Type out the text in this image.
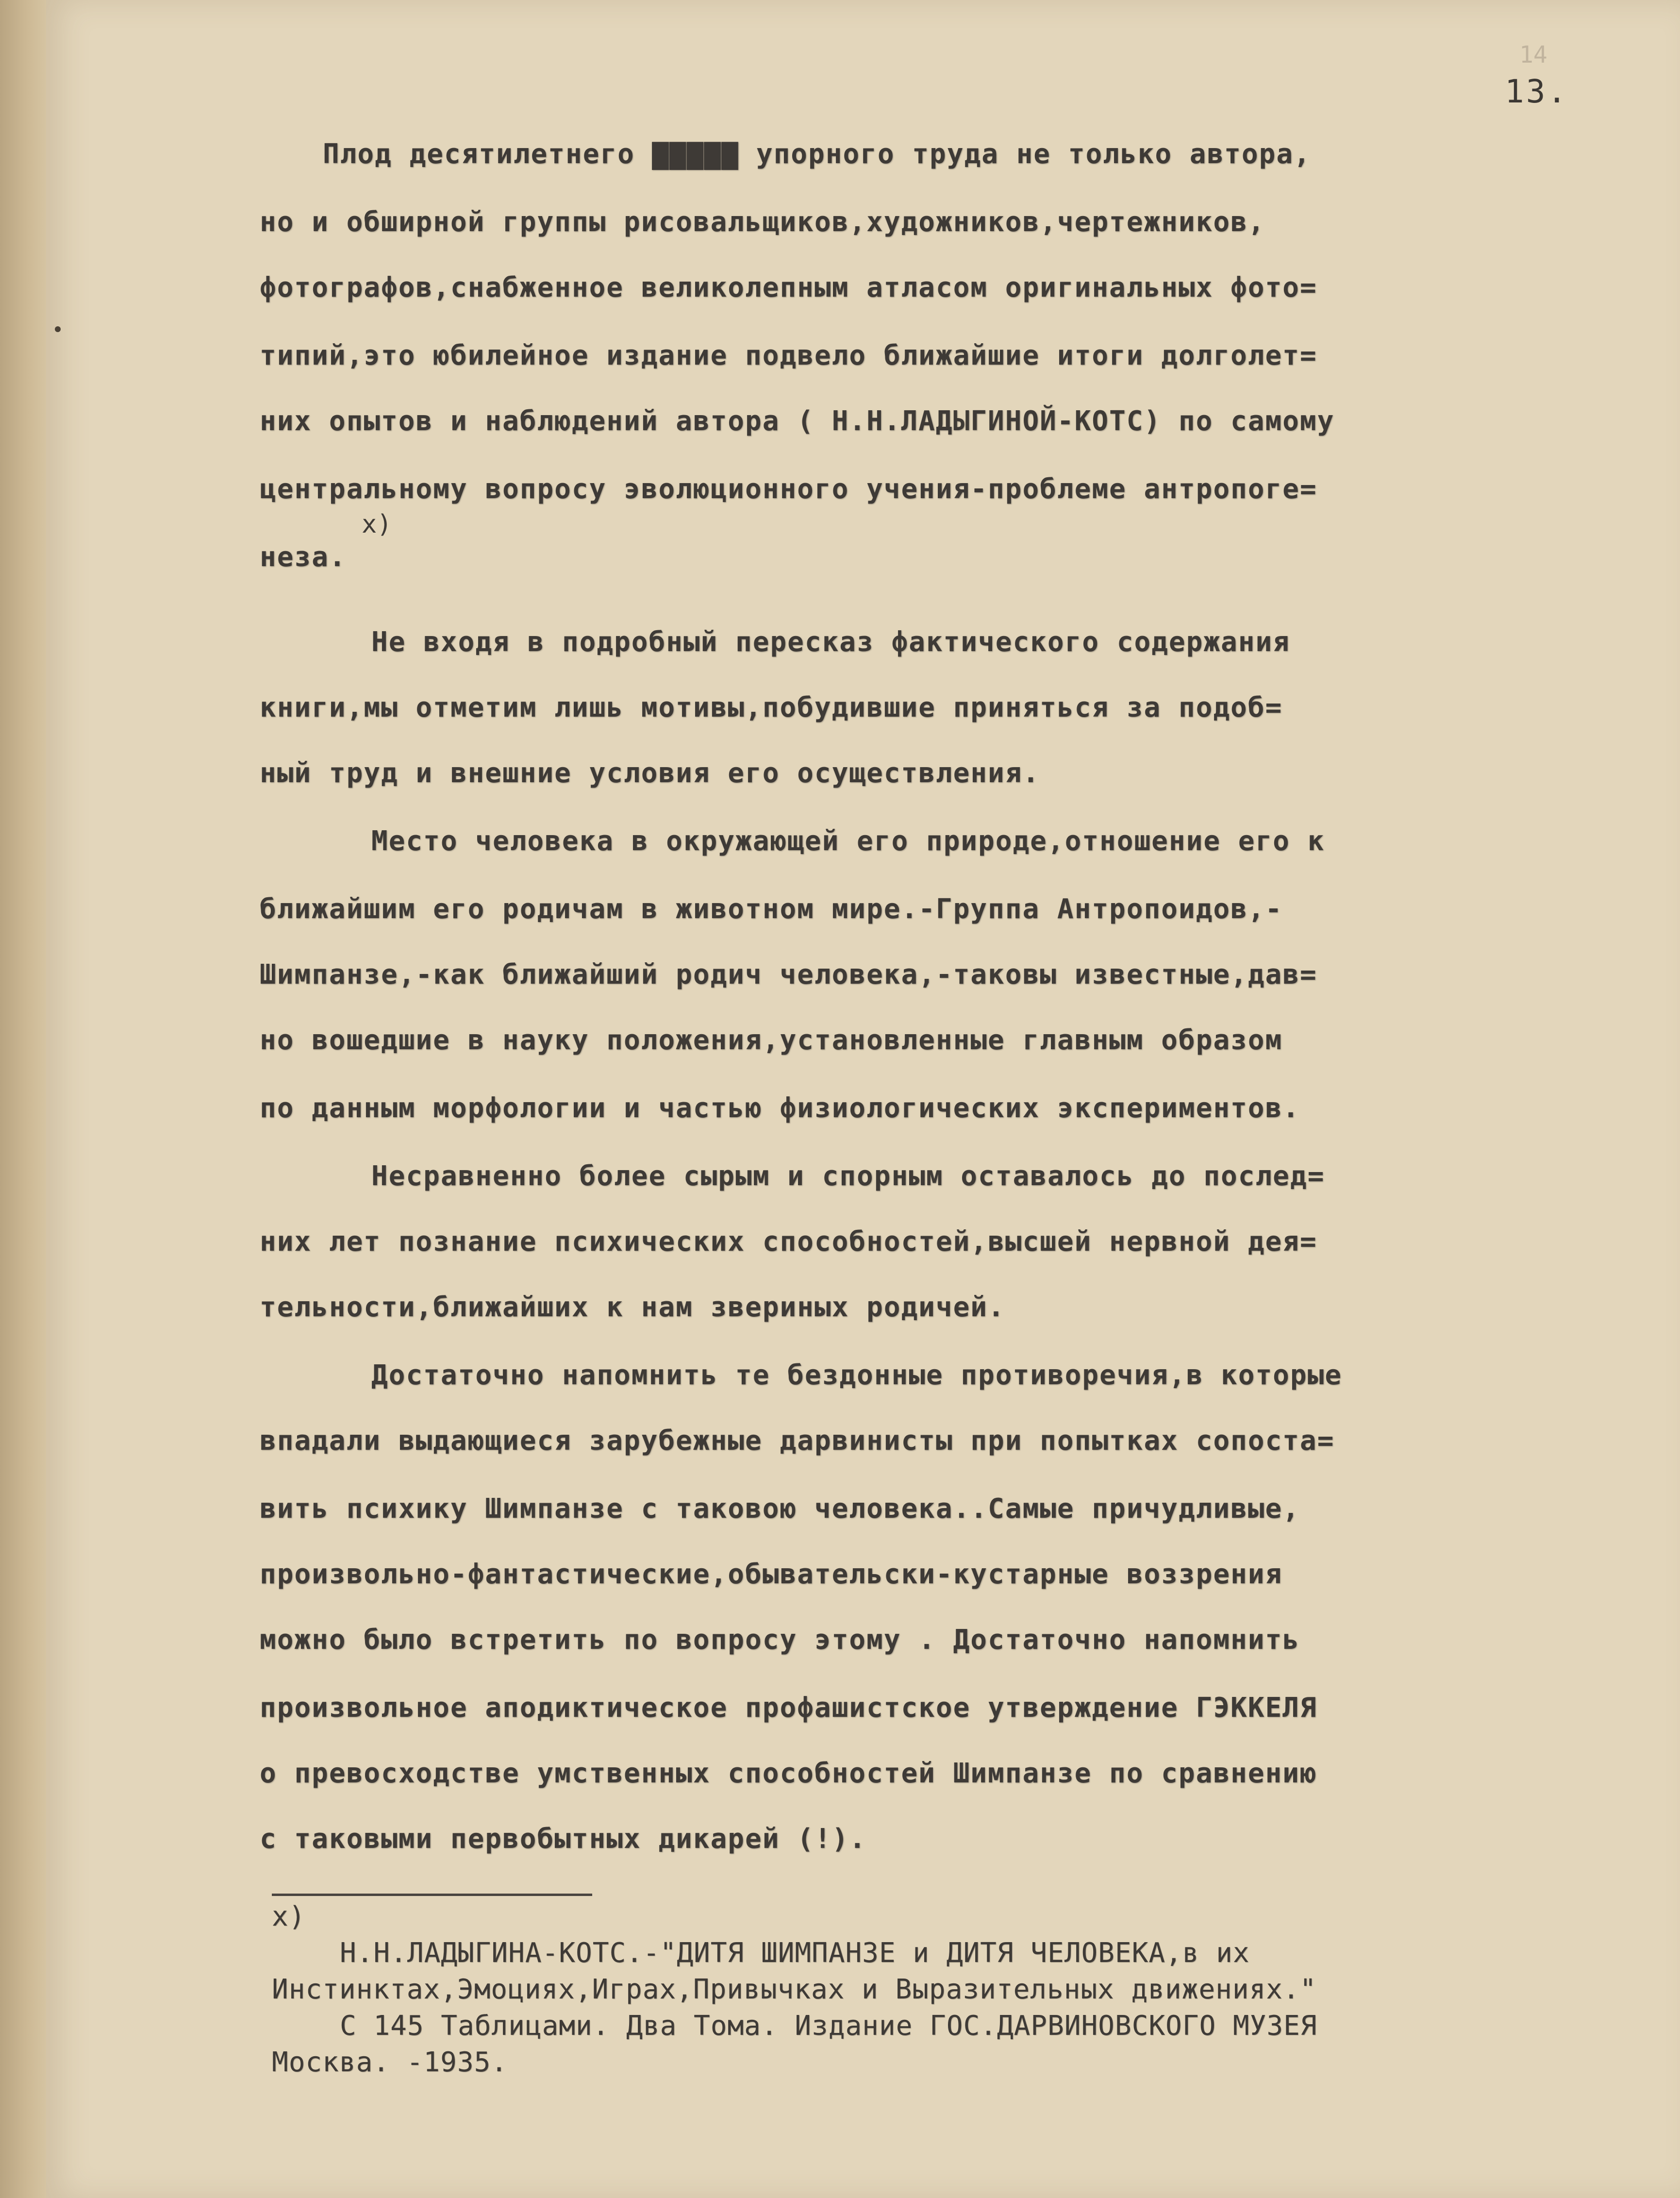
14
13.
Плод десятилетнего ▇▇▇▇▇ упорного труда не только автора,
но и обширной группы рисовальщиков,художников,чертежников,
фотографов,снабженное великолепным атласом оригинальных фото=
типий,это юбилейное издание подвело ближайшие итоги долголет=
них опытов и наблюдений автора ( Н.Н.ЛАДЫГИНОЙ-КОТС) по самому
центральному вопросу эволюционного учения-проблеме антропоге=
x)
неза.
Не входя в подробный пересказ фактического содержания
книги,мы отметим лишь мотивы,побудившие приняться за подоб=
ный труд и внешние условия его осуществления.
Место человека в окружающей его природе,отношение его к
ближайшим его родичам в животном мире.-Группа Антропоидов,-
Шимпанзе,-как ближайший родич человека,-таковы известные,дав=
но вошедшие в науку положения,установленные главным образом
по данным морфологии и частью физиологических экспериментов.
Несравненно более сырым и спорным оставалось до послед=
них лет познание психических способностей,высшей нервной дея=
тельности,ближайших к нам звериных родичей.
Достаточно напомнить те бездонные противоречия,в которые
впадали выдающиеся зарубежные дарвинисты при попытках сопоста=
вить психику Шимпанзе с таковою человека..Самые причудливые,
произвольно-фантастические,обывательски-кустарные воззрения
можно было встретить по вопросу этому . Достаточно напомнить
произвольное аподиктическое профашистское утверждение ГЭККЕЛЯ
о превосходстве умственных способностей Шимпанзе по сравнению
с таковыми первобытных дикарей (!).
x)
Н.Н.ЛАДЫГИНА-КОТС.-"ДИТЯ ШИМПАНЗЕ и ДИТЯ ЧЕЛОВЕКА,в их
Инстинктах,Эмоциях,Играх,Привычках и Выразительных движениях."
С 145 Таблицами. Два Тома. Издание ГОС.ДАРВИНОВСКОГО МУЗЕЯ
Москва. -1935.
